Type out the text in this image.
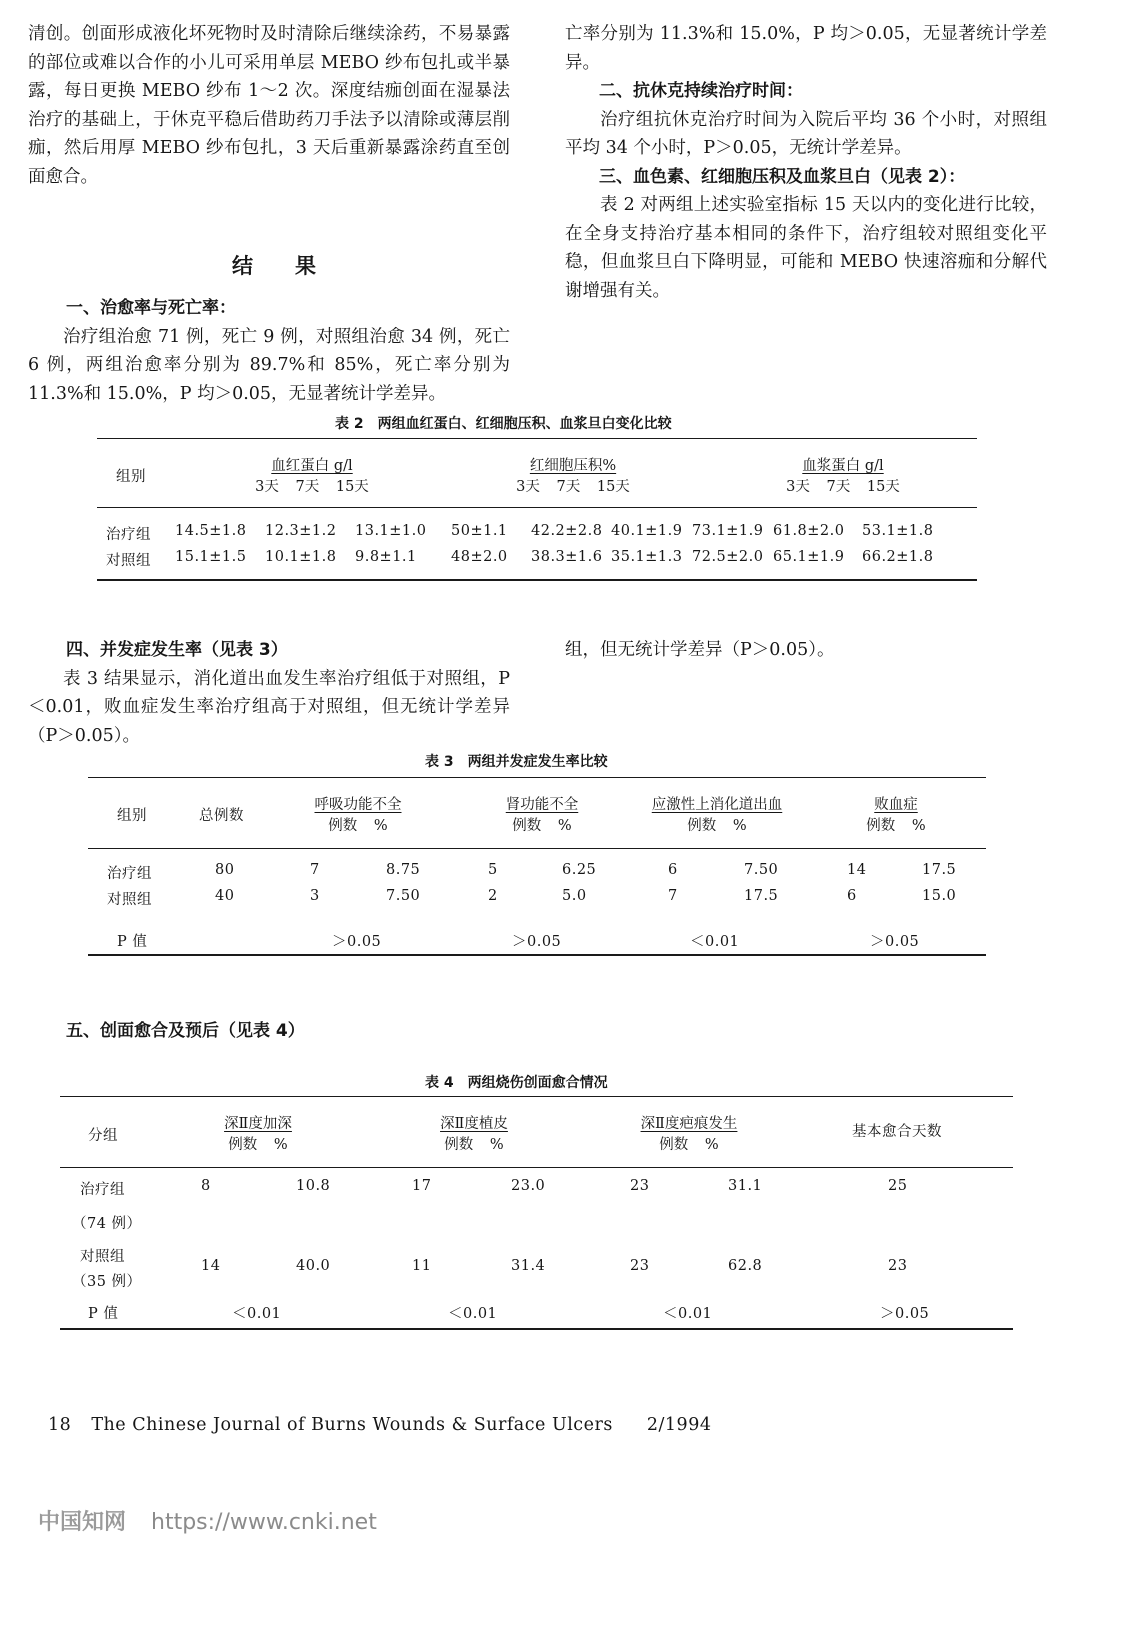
清创。创面形成液化坏死物时及时清除后继续涂药，不易暴露的部位或难以合作的小儿可采用单层 MEBO 纱布包扎或半暴露，每日更换 MEBO 纱布 1～2 次。深度结痂创面在湿暴法治疗的基础上，于休克平稳后借助药刀手法予以清除或薄层削痂，然后用厚 MEBO 纱布包扎，3 天后重新暴露涂药直至创面愈合。

结果

一、治愈率与死亡率：

治疗组治愈 71 例，死亡 9 例，对照组治愈 34 例，死亡 6 例，两组治愈率分别为 89.7%和 85%，死亡率分别为 11.3%和 15.0%，P 均＞0.05，无显著统计学差异。

亡率分别为 11.3%和 15.0%，P 均＞0.05，无显著统计学差异。

二、抗休克持续治疗时间：

治疗组抗休克治疗时间为入院后平均 36 个小时，对照组平均 34 个小时，P＞0.05，无统计学差异。

三、血色素、红细胞压积及血浆旦白（见表 2）：

表 2 对两组上述实验室指标 15 天以内的变化进行比较，在全身支持治疗基本相同的条件下，治疗组较对照组变化平稳，但血浆旦白下降明显，可能和 MEBO 快速溶痂和分解代谢增强有关。

表 2　两组血红蛋白、红细胞压积、血浆旦白变化比较
组别
血红蛋白 g/l
3天 7天 15天
红细胞压积%
3天 7天 15天
血浆蛋白 g/l
3天 7天 15天
治疗组 14.5±1.8 12.3±1.2 13.1±1.0 50±1.1 42.2±2.8 40.1±1.9 73.1±1.9 61.8±2.0 53.1±1.8
对照组 15.1±1.5 10.1±1.8 9.8±1.1 48±2.0 38.3±1.6 35.1±1.3 72.5±2.0 65.1±1.9 66.2±1.8

四、并发症发生率（见表 3）

表 3 结果显示，消化道出血发生率治疗组低于对照组，P＜0.01，败血症发生率治疗组高于对照组，但无统计学差异（P＞0.05）。

组，但无统计学差异（P＞0.05）。

表 3　两组并发症发生率比较
组别	总例数
呼吸功能不全
例数 %
肾功能不全
例数 %
应激性上消化道出血
例数 %
败血症
例数 %
治疗组	80	7	8.75	5	6.25	6	7.50	14	17.5
对照组	40	3	7.50	2	5.0	7	17.5	6	15.0
P 值	＞0.05	＞0.05	＜0.01	＞0.05

五、创面愈合及预后（见表 4）

表 4　两组烧伤创面愈合情况
分组
深Ⅱ度加深
例数 %
深Ⅱ度植皮
例数 %
深Ⅱ度疤痕发生
例数 %
基本愈合天数
治疗组
（74 例）
8	10.8	17	23.0	23	31.1	25
对照组
（35 例）
14	40.0	11	31.4	23	62.8	23
P 值	＜0.01	＜0.01	＜0.01	＞0.05
18 The Chinese Journal of Burns Wounds & Surface Ulcers 2/1994
中国知网 https://www.cnki.net
